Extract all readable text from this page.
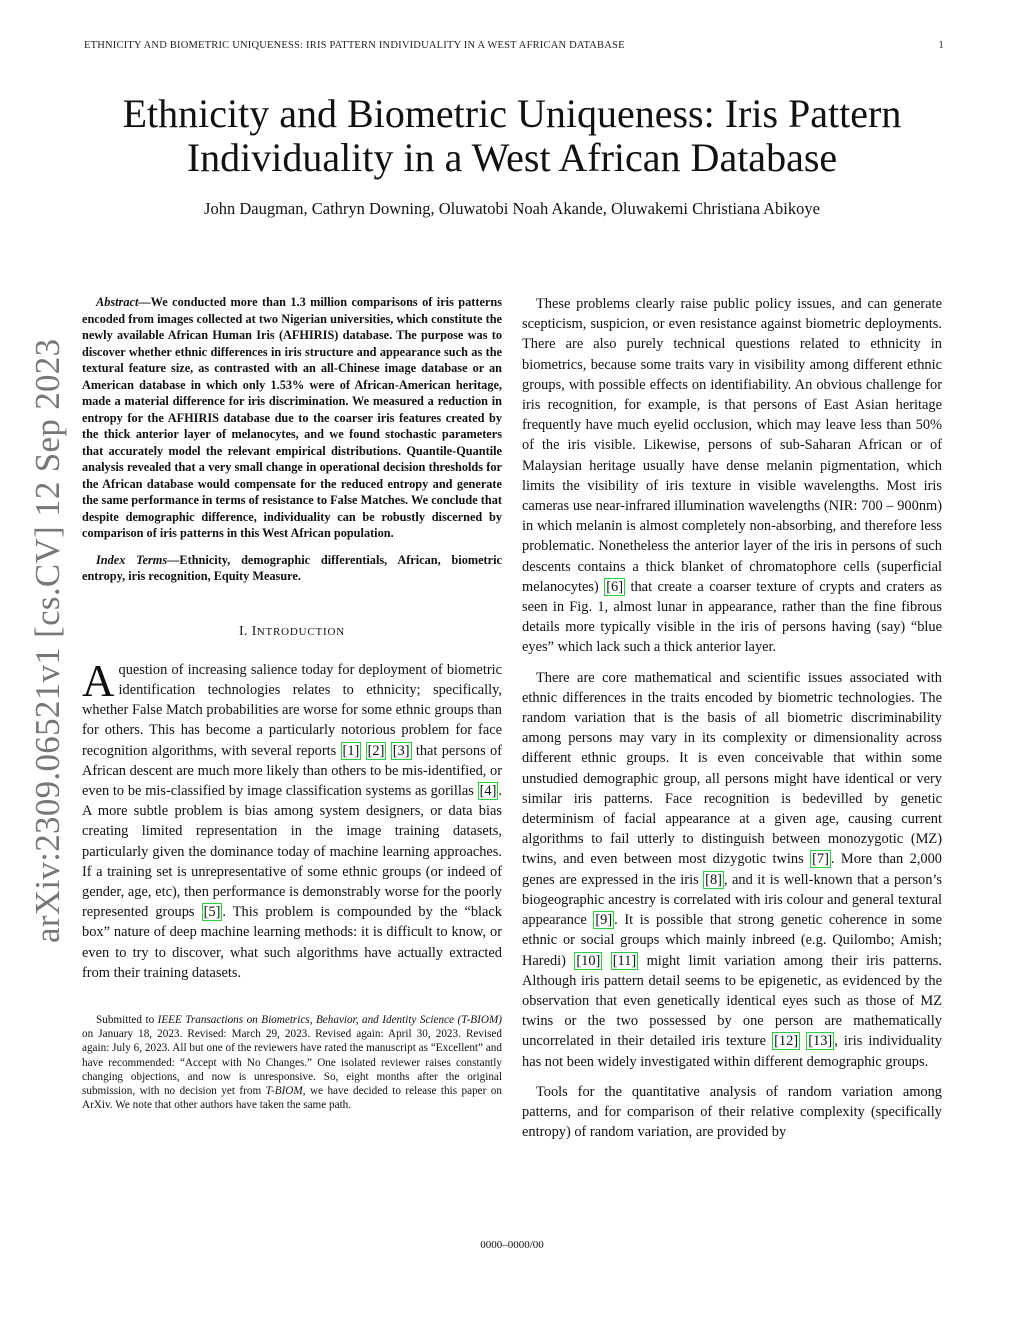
ETHNICITY AND BIOMETRIC UNIQUENESS: IRIS PATTERN INDIVIDUALITY IN A WEST AFRICAN DATABASE	1
Ethnicity and Biometric Uniqueness: Iris Pattern
Individuality in a West African Database
John Daugman, Cathryn Downing, Oluwatobi Noah Akande, Oluwakemi Christiana Abikoye
arXiv:2309.06521v1 [cs.CV] 12 Sep 2023

Abstract—We conducted more than 1.3 million comparisons of iris patterns encoded from images collected at two Nigerian universities, which constitute the newly available African Human Iris (AFHIRIS) database. The purpose was to discover whether ethnic differences in iris structure and appearance such as the textural feature size, as contrasted with an all-Chinese image database or an American database in which only 1.53% were of African-American heritage, made a material difference for iris discrimination. We measured a reduction in entropy for the AFHIRIS database due to the coarser iris features created by the thick anterior layer of melanocytes, and we found stochastic parameters that accurately model the relevant empirical distributions. Quantile-Quantile analysis revealed that a very small change in operational decision thresholds for the African database would compensate for the reduced entropy and generate the same performance in terms of resistance to False Matches. We conclude that despite demographic difference, individuality can be robustly discerned by comparison of iris patterns in this West African population.

Index Terms—Ethnicity, demographic differentials, African, biometric entropy, iris recognition, Equity Measure.

I. INTRODUCTION

A question of increasing salience today for deployment of biometric identification technologies relates to ethnicity; specifically, whether False Match probabilities are worse for some ethnic groups than for others. This has become a particularly notorious problem for face recognition algorithms, with several reports [1] [2] [3] that persons of African descent are much more likely than others to be mis-identified, or even to be mis-classified by image classification systems as gorillas [4] . A more subtle problem is bias among system designers, or data bias creating limited representation in the image training datasets, particularly given the dominance today of machine learning approaches. If a training set is unrepresentative of some ethnic groups (or indeed of gender, age, etc), then performance is demonstrably worse for the poorly represented groups [5] . This problem is compounded by the “black box” nature of deep machine learning methods: it is difficult to know, or even to try to discover, what such algorithms have actually extracted from their training datasets.

Submitted to IEEE Transactions on Biometrics, Behavior, and Identity Science (T-BIOM) on January 18, 2023. Revised: March 29, 2023. Revised again: April 30, 2023. Revised again: July 6, 2023. All but one of the reviewers have rated the manuscript as “Excellent” and have recommended: “Accept with No Changes.” One isolated reviewer raises constantly changing objections, and now is unresponsive. So, eight months after the original submission, with no decision yet from T-BIOM, we have decided to release this paper on ArXiv. We note that other authors have taken the same path.

These problems clearly raise public policy issues, and can generate scepticism, suspicion, or even resistance against biometric deployments. There are also purely technical questions related to ethnicity in biometrics, because some traits vary in visibility among different ethnic groups, with possible effects on identifiability. An obvious challenge for iris recognition, for example, is that persons of East Asian heritage frequently have much eyelid occlusion, which may leave less than 50% of the iris visible. Likewise, persons of sub-Saharan African or of Malaysian heritage usually have dense melanin pigmentation, which limits the visibility of iris texture in visible wavelengths. Most iris cameras use near-infrared illumination wavelengths (NIR: 700 – 900nm) in which melanin is almost completely non-absorbing, and therefore less problematic. Nonetheless the anterior layer of the iris in persons of such descents contains a thick blanket of chromatophore cells (superficial melanocytes) [6] that create a coarser texture of crypts and craters as seen in Fig. 1, almost lunar in appearance, rather than the fine fibrous details more typically visible in the iris of persons having (say) “blue eyes” which lack such a thick anterior layer.

There are core mathematical and scientific issues associated with ethnic differences in the traits encoded by biometric technologies. The random variation that is the basis of all biometric discriminability among persons may vary in its complexity or dimensionality across different ethnic groups. It is even conceivable that within some unstudied demographic group, all persons might have identical or very similar iris patterns. Face recognition is bedevilled by genetic determinism of facial appearance at a given age, causing current algorithms to fail utterly to distinguish between monozygotic (MZ) twins, and even between most dizygotic twins [7] . More than 2,000 genes are expressed in the iris [8] , and it is well-known that a person’s biogeographic ancestry is correlated with iris colour and general textural appearance [9] . It is possible that strong genetic coherence in some ethnic or social groups which mainly inbreed (e.g. Quilombo; Amish; Haredi) [10] [11] might limit variation among their iris patterns. Although iris pattern detail seems to be epigenetic, as evidenced by the observation that even genetically identical eyes such as those of MZ twins or the two possessed by one person are mathematically uncorrelated in their detailed iris texture [12] [13] , iris individuality has not been widely investigated within different demographic groups.

Tools for the quantitative analysis of random variation among patterns, and for comparison of their relative complexity (specifically entropy) of random variation, are provided by

0000–0000/00
